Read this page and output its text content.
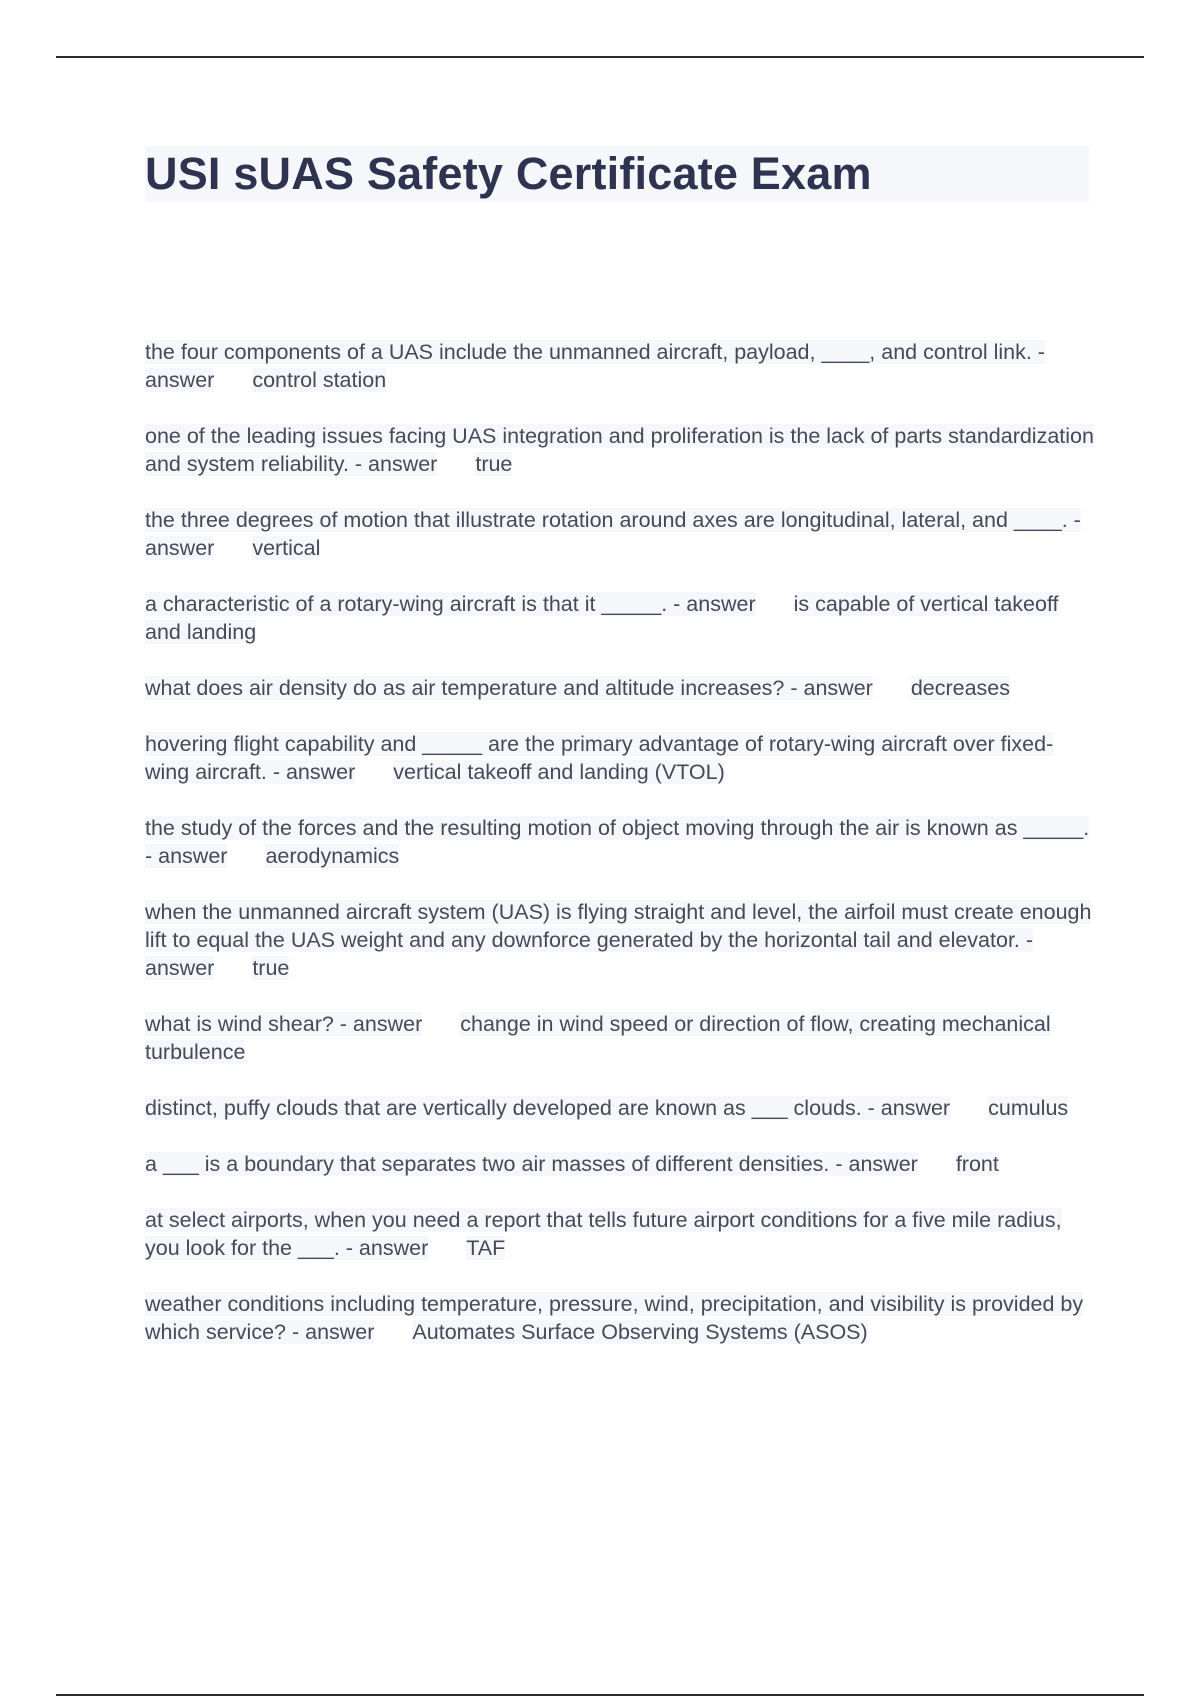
USI sUAS Safety Certificate Exam
the four components of a UAS include the unmanned aircraft, payload, ____, and control link. - answer control station
one of the leading issues facing UAS integration and proliferation is the lack of parts standardization and system reliability. - answer true
the three degrees of motion that illustrate rotation around axes are longitudinal, lateral, and ____. - answer vertical
a characteristic of a rotary-wing aircraft is that it _____. - answer is capable of vertical takeoff and landing
what does air density do as air temperature and altitude increases? - answer decreases
hovering flight capability and _____ are the primary advantage of rotary-wing aircraft over fixed-wing aircraft. - answer vertical takeoff and landing (VTOL)
the study of the forces and the resulting motion of object moving through the air is known as _____. - answer aerodynamics
when the unmanned aircraft system (UAS) is flying straight and level, the airfoil must create enough lift to equal the UAS weight and any downforce generated by the horizontal tail and elevator. - answer true
what is wind shear? - answer change in wind speed or direction of flow, creating mechanical turbulence
distinct, puffy clouds that are vertically developed are known as ___ clouds. - answer cumulus
a ___ is a boundary that separates two air masses of different densities. - answer front
at select airports, when you need a report that tells future airport conditions for a five mile radius, you look for the ___. - answer TAF
weather conditions including temperature, pressure, wind, precipitation, and visibility is provided by which service? - answer Automates Surface Observing Systems (ASOS)
